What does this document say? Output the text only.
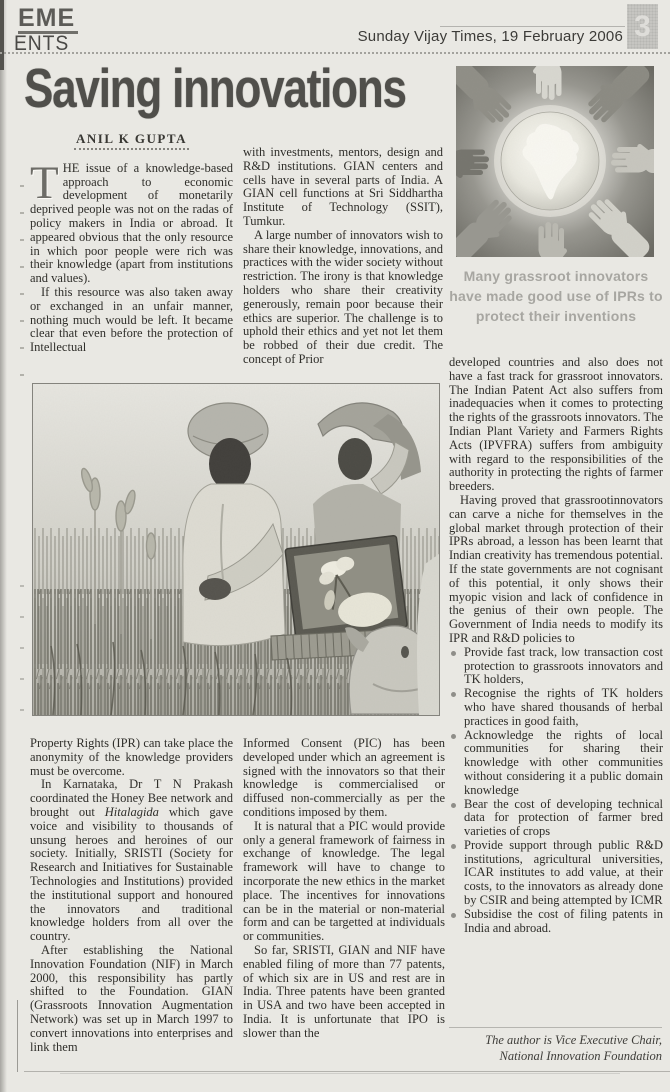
EME
ENTS	Sunday Vijay Times, 19 February 2006 3
Saving innovations
Many grassroot innovators have made good use of IPRs to protect their inventions
ANIL K GUPTA

THE issue of a knowledge-based approach to economic development of monetarily deprived people was not on the radas of policy makers in India or abroad. It appeared obvious that the only resource in which poor people were rich was their knowledge (apart from institutions and values).

If this resource was also taken away or exchanged in an unfair manner, nothing much would be left. It became clear that even before the protection of Intellectual

with investments, mentors, design and R&D institutions. GIAN centers and cells have in several parts of India. A GIAN cell functions at Sri Siddhartha Institute of Technology (SSIT), Tumkur.

A large number of innovators wish to share their knowledge, innovations, and practices with the wider society without restriction. The irony is that knowledge holders who share their creativity generously, remain poor because their ethics are superior. The challenge is to uphold their ethics and yet not let them be robbed of their due credit. The concept of Prior

Property Rights (IPR) can take place the anonymity of the knowledge providers must be overcome.

In Karnataka, Dr T N Prakash coordinated the Honey Bee network and brought out Hitalagida which gave voice and visibility to thousands of unsung heroes and heroines of our society. Initially, SRISTI (Society for Research and Initiatives for Sustainable Technologies and Institutions) provided the institutional support and honoured the innovators and traditional knowledge holders from all over the country.

After establishing the National Innovation Foundation (NIF) in March 2000, this responsibility has partly shifted to the Foundation. GIAN (Grassroots Innovation Augmentation Network) was set up in March 1997 to convert innovations into enterprises and link them

Informed Consent (PIC) has been developed under which an agreement is signed with the innovators so that their knowledge is commercialised or diffused non-commercially as per the conditions imposed by them.

It is natural that a PIC would provide only a general framework of fairness in exchange of knowledge. The legal framework will have to change to incorporate the new ethics in the market place. The incentives for innovations can be in the material or non-material form and can be targetted at individuals or communities.

So far, SRISTI, GIAN and NIF have enabled filing of more than 77 patents, of which six are in US and rest are in India. Three patents have been granted in USA and two have been accepted in India. It is unfortunate that IPO is slower than the

developed countries and also does not have a fast track for grassroot innovators. The Indian Patent Act also suffers from inadequacies when it comes to protecting the rights of the grassroots innovators. The Indian Plant Variety and Farmers Rights Acts (IPVFRA) suffers from ambiguity with regard to the responsibilities of the authority in protecting the rights of farmer breeders.

Having proved that grassrootinnovators can carve a niche for themselves in the global market through protection of their IPRs abroad, a lesson has been learnt that Indian creativity has tremendous potential. If the state governments are not cognisant of this potential, it only shows their myopic vision and lack of confidence in the genius of their own people. The Government of India needs to modify its IPR and R&D policies to

Provide fast track, low transaction cost protection to grassroots innovators and TK holders,
Recognise the rights of TK holders who have shared thousands of herbal practices in good faith,
Acknowledge the rights of local communities for sharing their knowledge with other communities without considering it a public domain knowledge
Bear the cost of developing technical data for protection of farmer bred varieties of crops
Provide support through public R&D institutions, agricultural universities, ICAR institutes to add value, at their costs, to the innovators as already done by CSIR and being attempted by ICMR
Subsidise the cost of filing patents in India and abroad.
The author is Vice Executive Chair,
National Innovation Foundation
